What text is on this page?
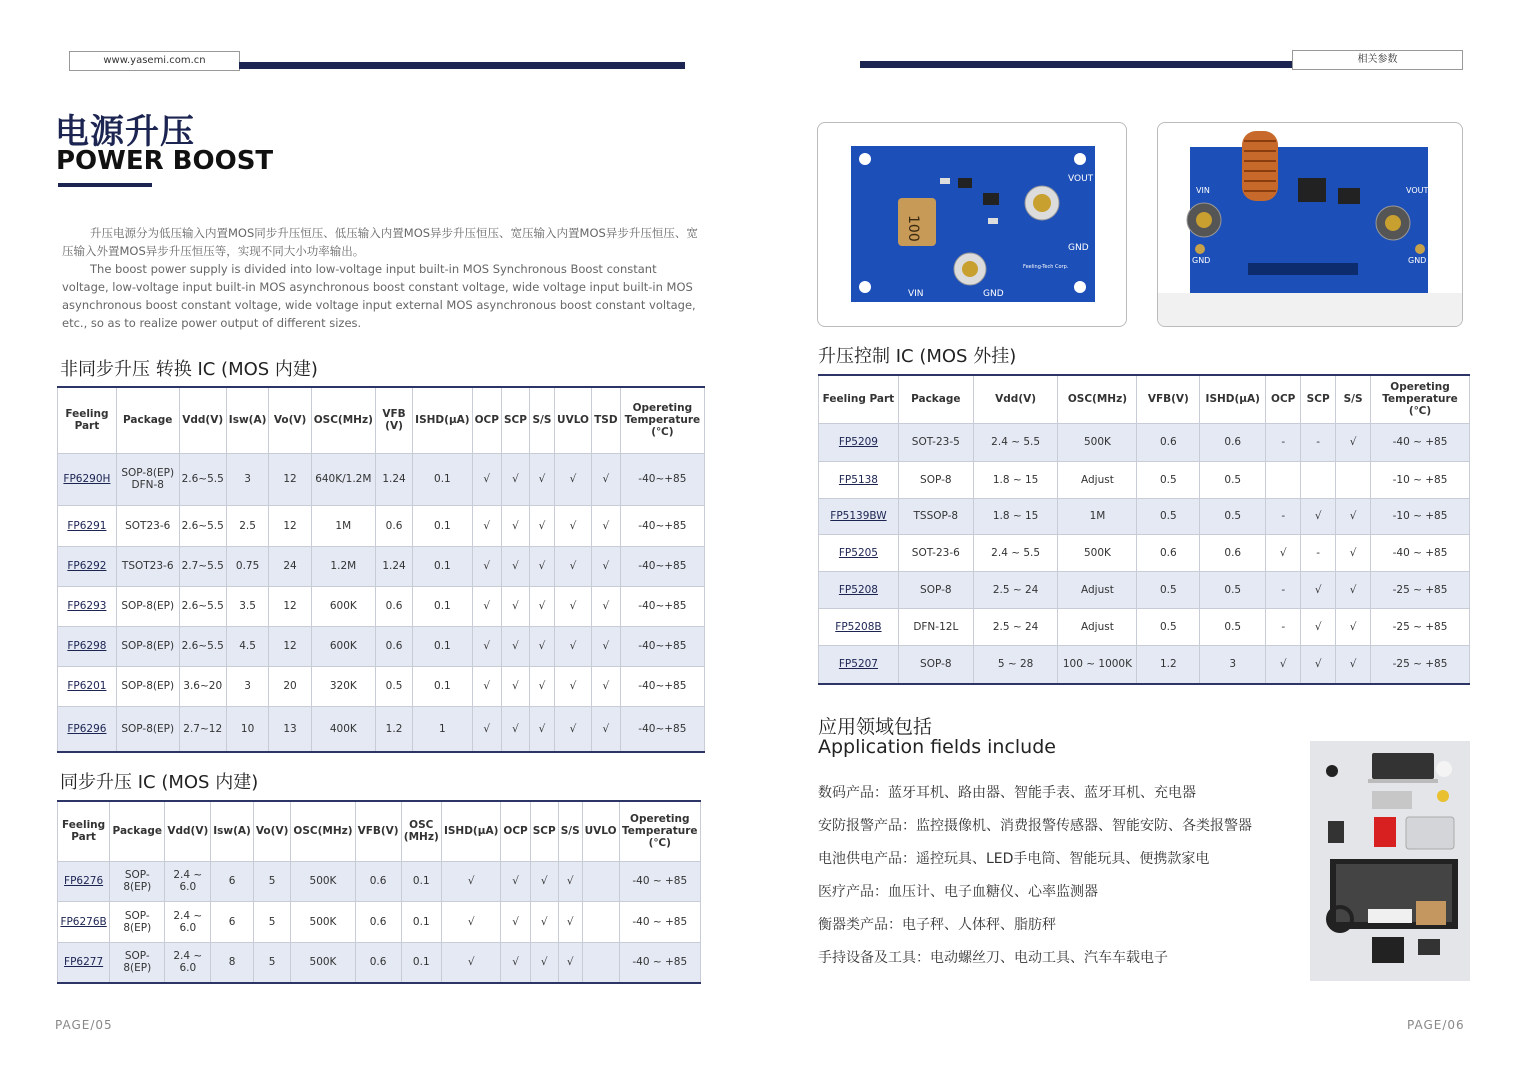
www.yasemi.com.cn	相关参数
电源升压
POWER BOOST

升压电源分为低压输入内置MOS同步升压恒压、低压输入内置MOS异步升压恒压、宽压输入内置MOS异步升压恒压、宽压输入外置MOS异步升压恒压等，实现不同大小功率输出。

The boost power supply is divided into low-voltage input built-in MOS Synchronous Boost constant voltage, low-voltage input built-in MOS asynchronous boost constant voltage, wide voltage input built-in MOS asynchronous boost constant voltage, wide voltage input external MOS asynchronous boost constant voltage, etc., so as to realize power output of different sizes.

非同步升压 转换 IC (MOS 内建)
Feeling Part	Package	Vdd(V)	Isw(A)	Vo(V)	OSC(MHz)	VFB (V)	ISHD(μA)	OCP	SCP	S/S	UVLO	TSD	Opereting Temperature (℃)
FP6290H	SOP-8(EP) DFN-8	2.6~5.5	3	12	640K/1.2M	1.24	0.1	√	√	√	√	√	-40~+85
FP6291	SOT23-6	2.6~5.5	2.5	12	1M	0.6	0.1	√	√	√	√	√	-40~+85
FP6292	TSOT23-6	2.7~5.5	0.75	24	1.2M	1.24	0.1	√	√	√	√	√	-40~+85
FP6293	SOP-8(EP)	2.6~5.5	3.5	12	600K	0.6	0.1	√	√	√	√	√	-40~+85
FP6298	SOP-8(EP)	2.6~5.5	4.5	12	600K	0.6	0.1	√	√	√	√	√	-40~+85
FP6201	SOP-8(EP)	3.6~20	3	20	320K	0.5	0.1	√	√	√	√	√	-40~+85
FP6296	SOP-8(EP)	2.7~12	10	13	400K	1.2	1	√	√	√	√	√	-40~+85
同步升压 IC (MOS 内建)
Feeling Part	Package	Vdd(V)	Isw(A)	Vo(V)	OSC(MHz)	VFB(V)	OSC (MHz)	ISHD(μA)	OCP	SCP	S/S	UVLO	Opereting Temperature (℃)
FP6276	SOP-8(EP)	2.4 ~ 6.0	6	5	500K	0.6	0.1	√	√	√	√		-40 ~ +85
FP6276B	SOP-8(EP)	2.4 ~ 6.0	6	5	500K	0.6	0.1	√	√	√	√		-40 ~ +85
FP6277	SOP-8(EP)	2.4 ~ 6.0	8	5	500K	0.6	0.1	√	√	√	√		-40 ~ +85
100
VOUT
GND
VIN	GND
Feeling-Tech Corp.
VIN	VOUT
GND	GND
升压控制 IC (MOS 外挂)
Feeling Part	Package	Vdd(V)	OSC(MHz)	VFB(V)	ISHD(μA)	OCP	SCP	S/S	Opereting Temperature (℃)
FP5209	SOT-23-5	2.4 ~ 5.5	500K	0.6	0.6	-	-	√	-40 ~ +85
FP5138	SOP-8	1.8 ~ 15	Adjust	0.5	0.5				-10 ~ +85
FP5139BW	TSSOP-8	1.8 ~ 15	1M	0.5	0.5	-	√	√	-10 ~ +85
FP5205	SOT-23-6	2.4 ~ 5.5	500K	0.6	0.6	√	-	√	-40 ~ +85
FP5208	SOP-8	2.5 ~ 24	Adjust	0.5	0.5	-	√	√	-25 ~ +85
FP5208B	DFN-12L	2.5 ~ 24	Adjust	0.5	0.5	-	√	√	-25 ~ +85
FP5207	SOP-8	5 ~ 28	100 ~ 1000K	1.2	3	√	√	√	-25 ~ +85
应用领域包括
Application fields include
数码产品：蓝牙耳机、路由器、智能手表、蓝牙耳机、充电器
安防报警产品：监控摄像机、消费报警传感器、智能安防、各类报警器
电池供电产品：遥控玩具、LED手电筒、智能玩具、便携款家电
医疗产品：血压计、电子血糖仪、心率监测器
衡器类产品：电子秤、人体秤、脂肪秤
手持设备及工具：电动螺丝刀、电动工具、汽车车载电子
PAGE/05	PAGE/06
